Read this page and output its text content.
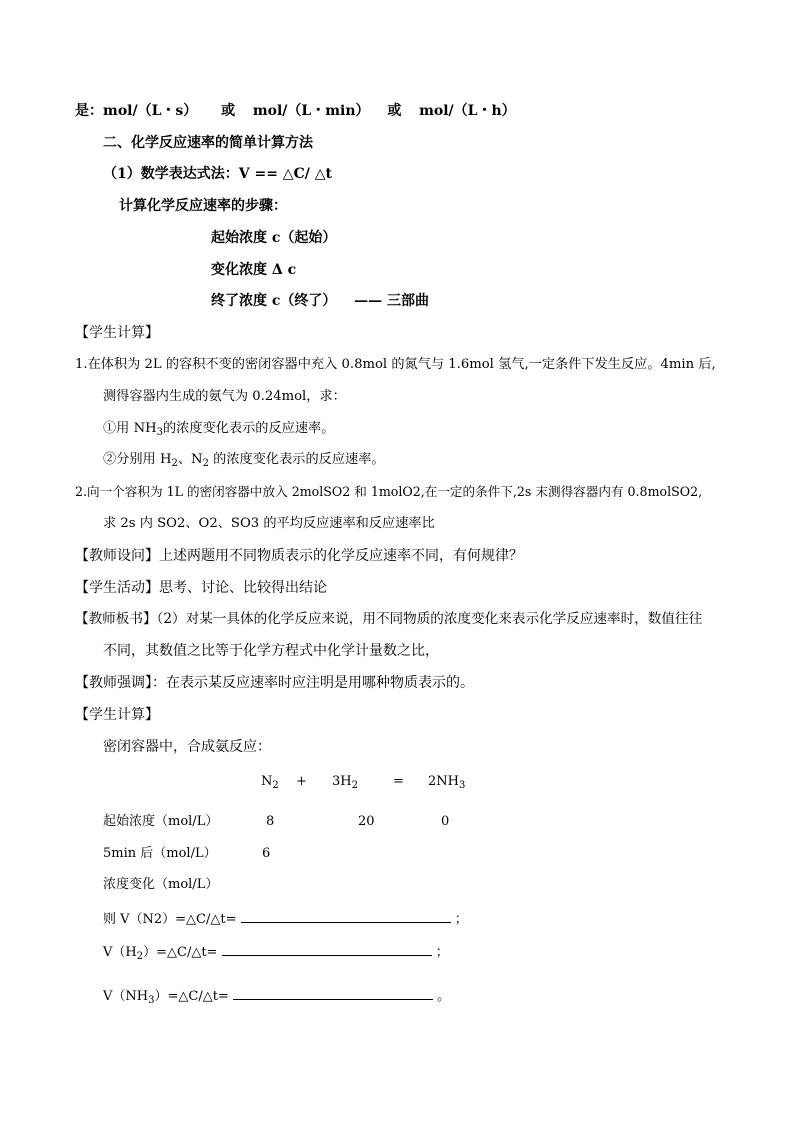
是：mol/（L・s） 或 mol/（L・min） 或 mol/（L・h）
二、化学反应速率的简单计算方法
（1）数学表达式法：V == △C/ △t
计算化学反应速率的步骤：
起始浓度 c（起始）
变化浓度 Δ c
终了浓度 c（终了） —— 三部曲
【学生计算】
1.在体积为 2L 的容积不变的密闭容器中充入 0.8mol 的氮气与 1.6mol 氢气,一定条件下发生反应。4min 后,
测得容器内生成的氨气为 0.24mol，求：
①用 $NH_3$的浓度变化表示的反应速率。
②分别用 $H_2$、$N_2$ 的浓度变化表示的反应速率。
2.向一个容积为 1L 的密闭容器中放入 2molSO2 和 1molO2,在一定的条件下,2s 末测得容器内有 0.8molSO2,
求 2s 内 SO2、O2、SO3 的平均反应速率和反应速率比
【教师设问】上述两题用不同物质表示的化学反应速率不同，有何规律？
【学生活动】思考、讨论、比较得出结论
【教师板书】（2）对某一具体的化学反应来说，用不同物质的浓度变化来表示化学反应速率时，数值往往
不同，其数值之比等于化学方程式中化学计量数之比，
【教师强调】：在表示某反应速率时应注明是用哪种物质表示的。
【学生计算】
密闭容器中，合成氨反应：
$N_2 + 3H_2$	= $2NH_3$
起始浓度（mol/L）	8	20	0
5min 后（mol/L）	6
浓度变化（mol/L）
则 V（N2）=△C/△t=	；
$V(H_2)=\triangle C/\triangle t=$	；
$V(NH_3)=\triangle C/\triangle t=$	。
